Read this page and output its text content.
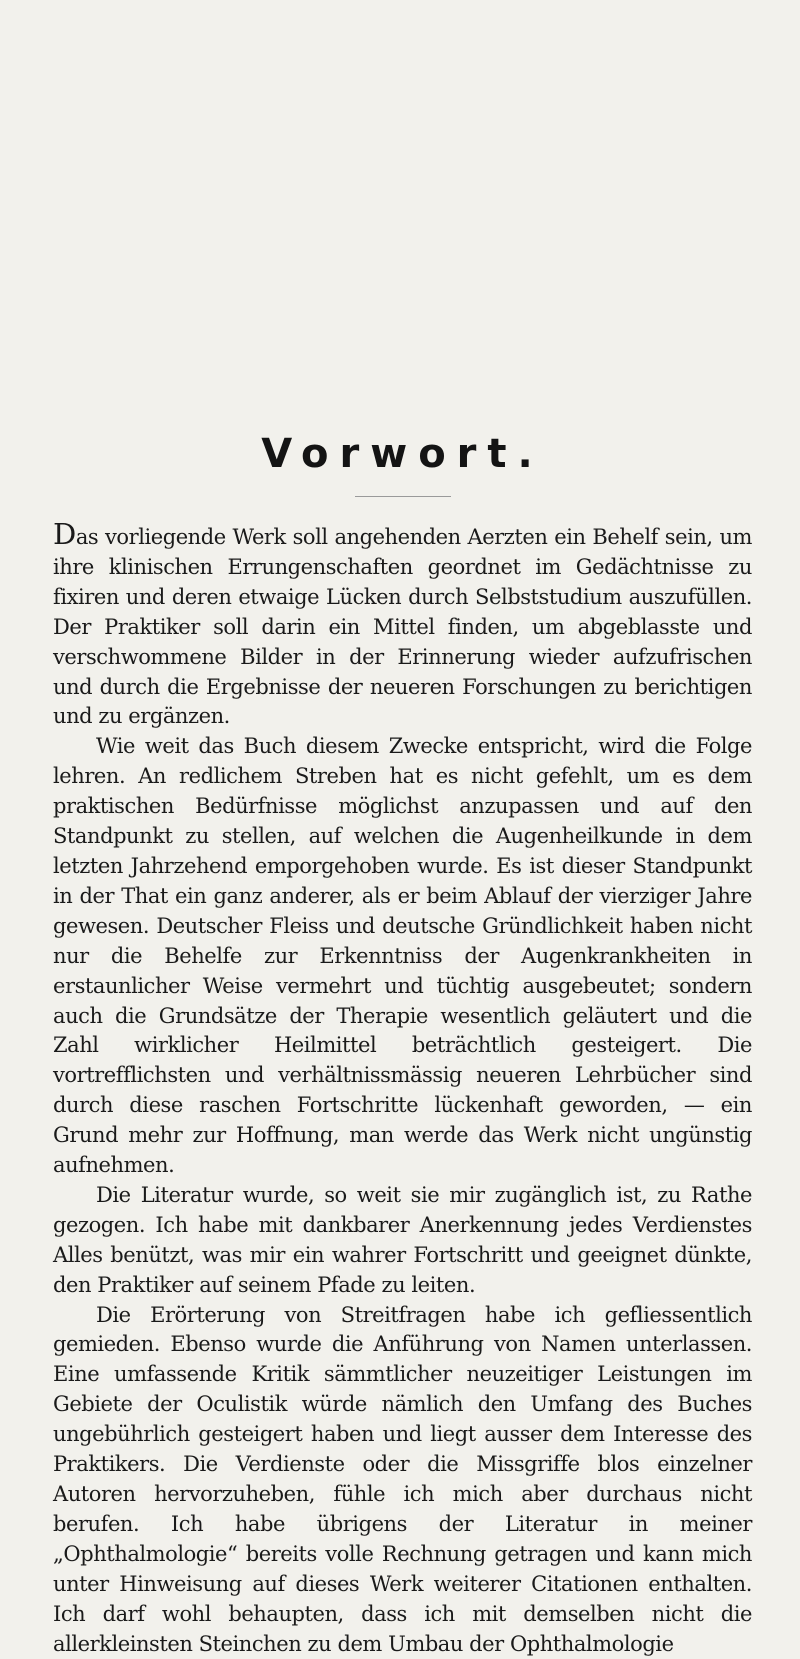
Vorwort.

Das vorliegende Werk soll angehenden Aerzten ein Behelf sein, um ihre klinischen Errungenschaften geordnet im Gedächtnisse zu fixiren und deren etwaige Lücken durch Selbststudium auszufüllen. Der Praktiker soll darin ein Mittel finden, um abgeblasste und verschwommene Bilder in der Erinnerung wieder aufzufrischen und durch die Ergebnisse der neueren Forschungen zu berichtigen und zu ergänzen.

Wie weit das Buch diesem Zwecke entspricht, wird die Folge lehren. An redlichem Streben hat es nicht gefehlt, um es dem praktischen Bedürfnisse möglichst anzupassen und auf den Standpunkt zu stellen, auf welchen die Augenheilkunde in dem letzten Jahrzehend emporgehoben wurde. Es ist dieser Standpunkt in der That ein ganz anderer, als er beim Ablauf der vierziger Jahre gewesen. Deutscher Fleiss und deutsche Gründlichkeit haben nicht nur die Behelfe zur Erkenntniss der Augenkrankheiten in erstaunlicher Weise vermehrt und tüchtig ausgebeutet; sondern auch die Grundsätze der Therapie wesentlich geläutert und die Zahl wirklicher Heilmittel beträchtlich gesteigert. Die vortrefflichsten und verhältnissmässig neueren Lehrbücher sind durch diese raschen Fortschritte lückenhaft geworden, — ein Grund mehr zur Hoffnung, man werde das Werk nicht ungünstig aufnehmen.

Die Literatur wurde, so weit sie mir zugänglich ist, zu Rathe gezogen. Ich habe mit dankbarer Anerkennung jedes Verdienstes Alles benützt, was mir ein wahrer Fortschritt und geeignet dünkte, den Praktiker auf seinem Pfade zu leiten.

Die Erörterung von Streitfragen habe ich gefliessentlich gemieden. Ebenso wurde die Anführung von Namen unterlassen. Eine umfassende Kritik sämmtlicher neuzeitiger Leistungen im Gebiete der Oculistik würde nämlich den Umfang des Buches ungebührlich gesteigert haben und liegt ausser dem Interesse des Praktikers. Die Verdienste oder die Missgriffe blos einzelner Autoren hervorzuheben, fühle ich mich aber durchaus nicht berufen. Ich habe übrigens der Literatur in meiner „Ophthalmologie“ bereits volle Rechnung getragen und kann mich unter Hinweisung auf dieses Werk weiterer Citationen enthalten. Ich darf wohl behaupten, dass ich mit demselben nicht die allerkleinsten Steinchen zu dem Umbau der Ophthalmologie
